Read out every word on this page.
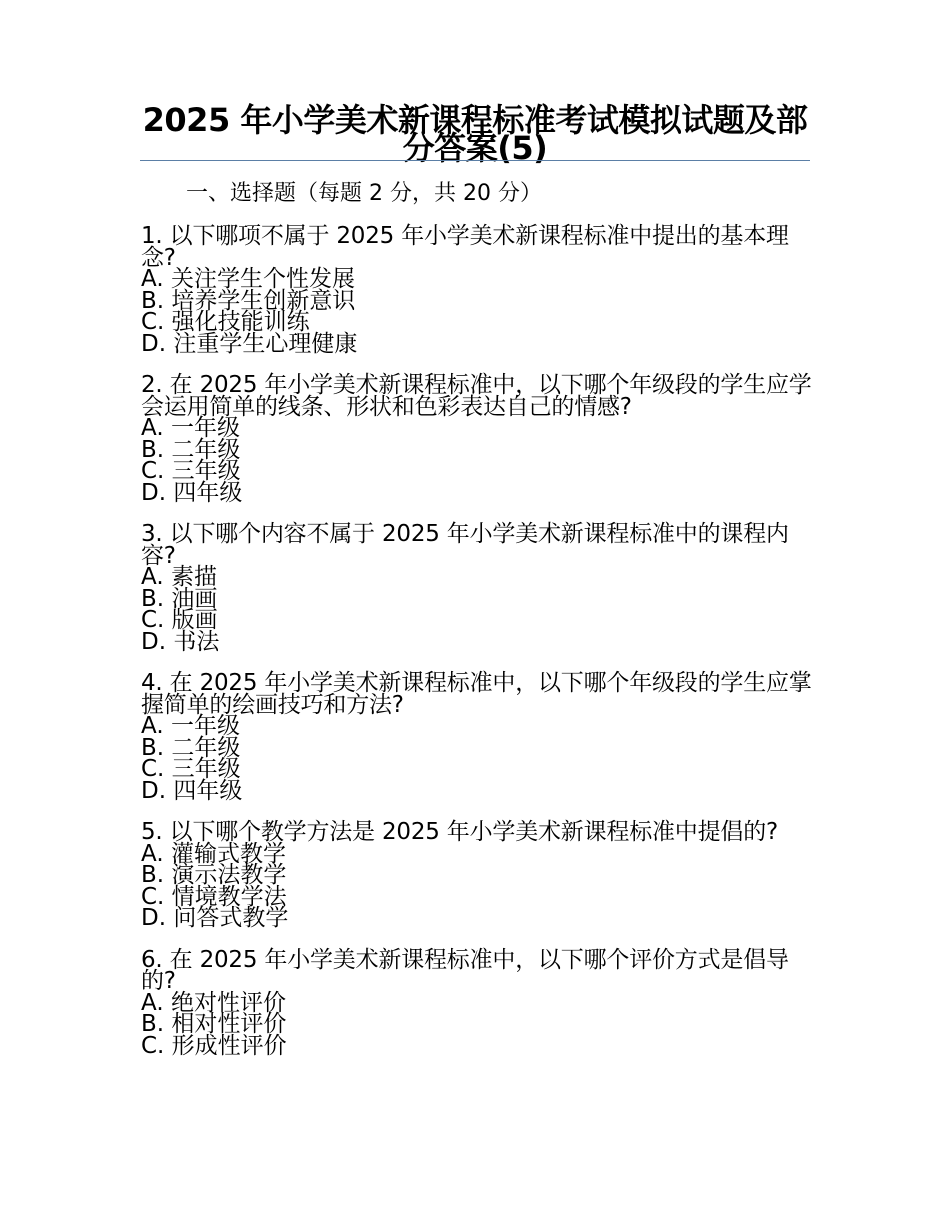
2025 年小学美术新课程标准考试模拟试题及部分答案(5)
一、选择题（每题 2 分，共 20 分）

1. 以下哪项不属于 2025 年小学美术新课程标准中提出的基本理念?

A. 关注学生个性发展

B. 培养学生创新意识

C. 强化技能训练

D. 注重学生心理健康

2. 在 2025 年小学美术新课程标准中，以下哪个年级段的学生应学会运用简单的线条、形状和色彩表达自己的情感?

A. 一年级

B. 二年级

C. 三年级

D. 四年级

3. 以下哪个内容不属于 2025 年小学美术新课程标准中的课程内容?

A. 素描

B. 油画

C. 版画

D. 书法

4. 在 2025 年小学美术新课程标准中，以下哪个年级段的学生应掌握简单的绘画技巧和方法?

A. 一年级

B. 二年级

C. 三年级

D. 四年级

5. 以下哪个教学方法是 2025 年小学美术新课程标准中提倡的?

A. 灌输式教学

B. 演示法教学

C. 情境教学法

D. 问答式教学

6. 在 2025 年小学美术新课程标准中，以下哪个评价方式是倡导的?

A. 绝对性评价

B. 相对性评价

C. 形成性评价
